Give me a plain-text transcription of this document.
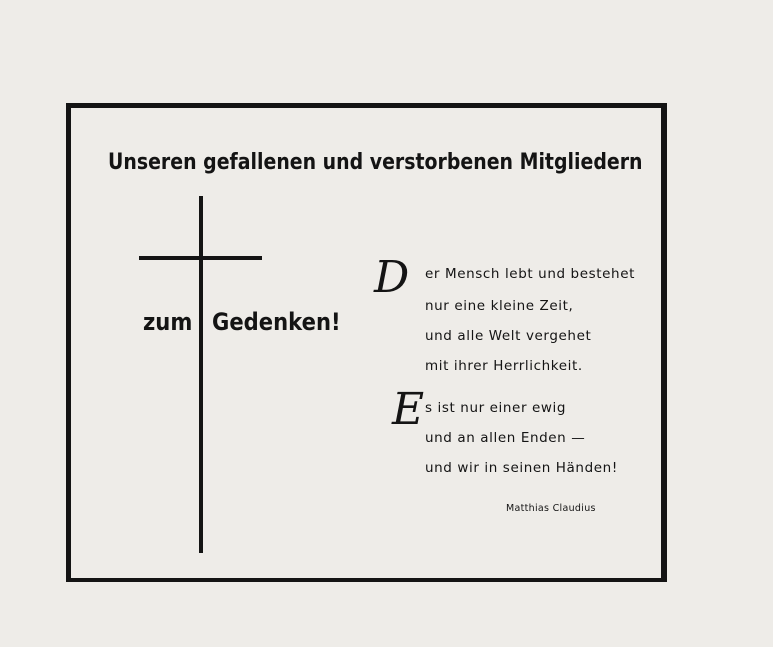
Unseren gefallenen und verstorbenen Mitgliedern
zum Gedenken!
D er Mensch lebt und bestehet
nur eine kleine Zeit,
und alle Welt vergehet
mit ihrer Herrlichkeit.
E s ist nur einer ewig
und an allen Enden —
und wir in seinen Händen!
Matthias Claudius
